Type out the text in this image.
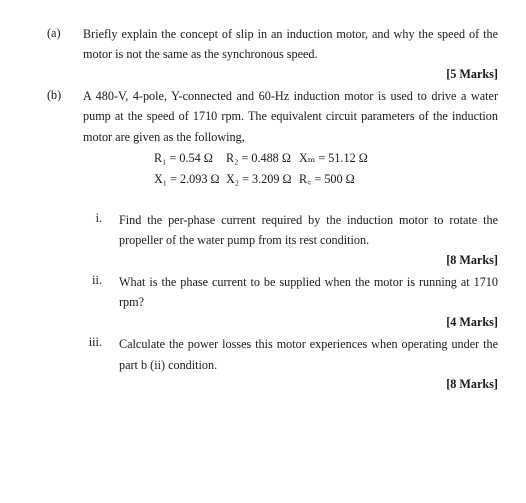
(a) Briefly explain the concept of slip in an induction motor, and why the speed of the
motor is not the same as the synchronous speed.
[5 Marks]
(b) A 480-V, 4-pole, Y-connected and 60-Hz induction motor is used to drive a water
pump at the speed of 1710 rpm. The equivalent circuit parameters of the induction
motor are given as the following,
R₁ = 0.54 Ω R₂ = 0.488 Ω Xₘ = 51.12 Ω
X₁ = 2.093 Ω X₂ = 3.209 Ω R꜀ = 500 Ω
i. Find the per-phase current required by the induction motor to rotate the
propeller of the water pump from its rest condition.
[8 Marks]
ii. What is the phase current to be supplied when the motor is running at 1710
rpm?
[4 Marks]
iii. Calculate the power losses this motor experiences when operating under the
part b (ii) condition.
[8 Marks]
